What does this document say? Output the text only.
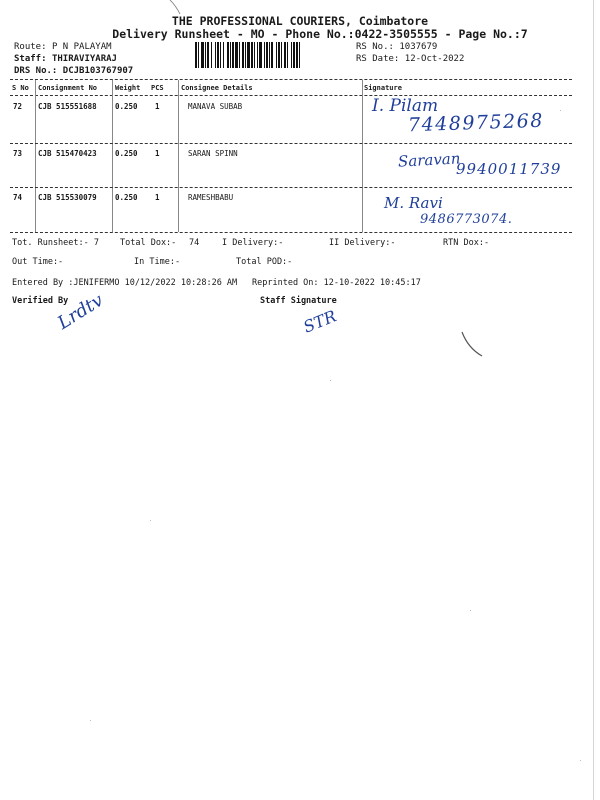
THE PROFESSIONAL COURIERS, Coimbatore
Delivery Runsheet - MO - Phone No.:0422-3505555 - Page No.:7
Route: P N PALAYAM
Staff: THIRAVIYARAJ
DRS No.: DCJB103767907
RS No.: 1037679
RS Date: 12-Oct-2022
S No Consignment No	Weight PCS Consignee Details	Signature
72 CJB 515551688 0.250 1	MANAVA SUBAB	I. Pilam
7448975268
73 CJB 515470423 0.250 1	SARAN SPINN	Saravan
9940011739
74 CJB 515530079 0.250 1	RAMESHBABU	M. Ravi
9486773074.
Tot. Runsheet:- 7 Total Dox:- 74	I Delivery:-	II Delivery:-	RTN Dox:-
Out Time:-	In Time:-	Total POD:-
Entered By :JENIFERMO 10/12/2022 10:28:26 AM Reprinted On: 12-10-2022 10:45:17
Verified By	Staff Signature
Lrdtv	STR
